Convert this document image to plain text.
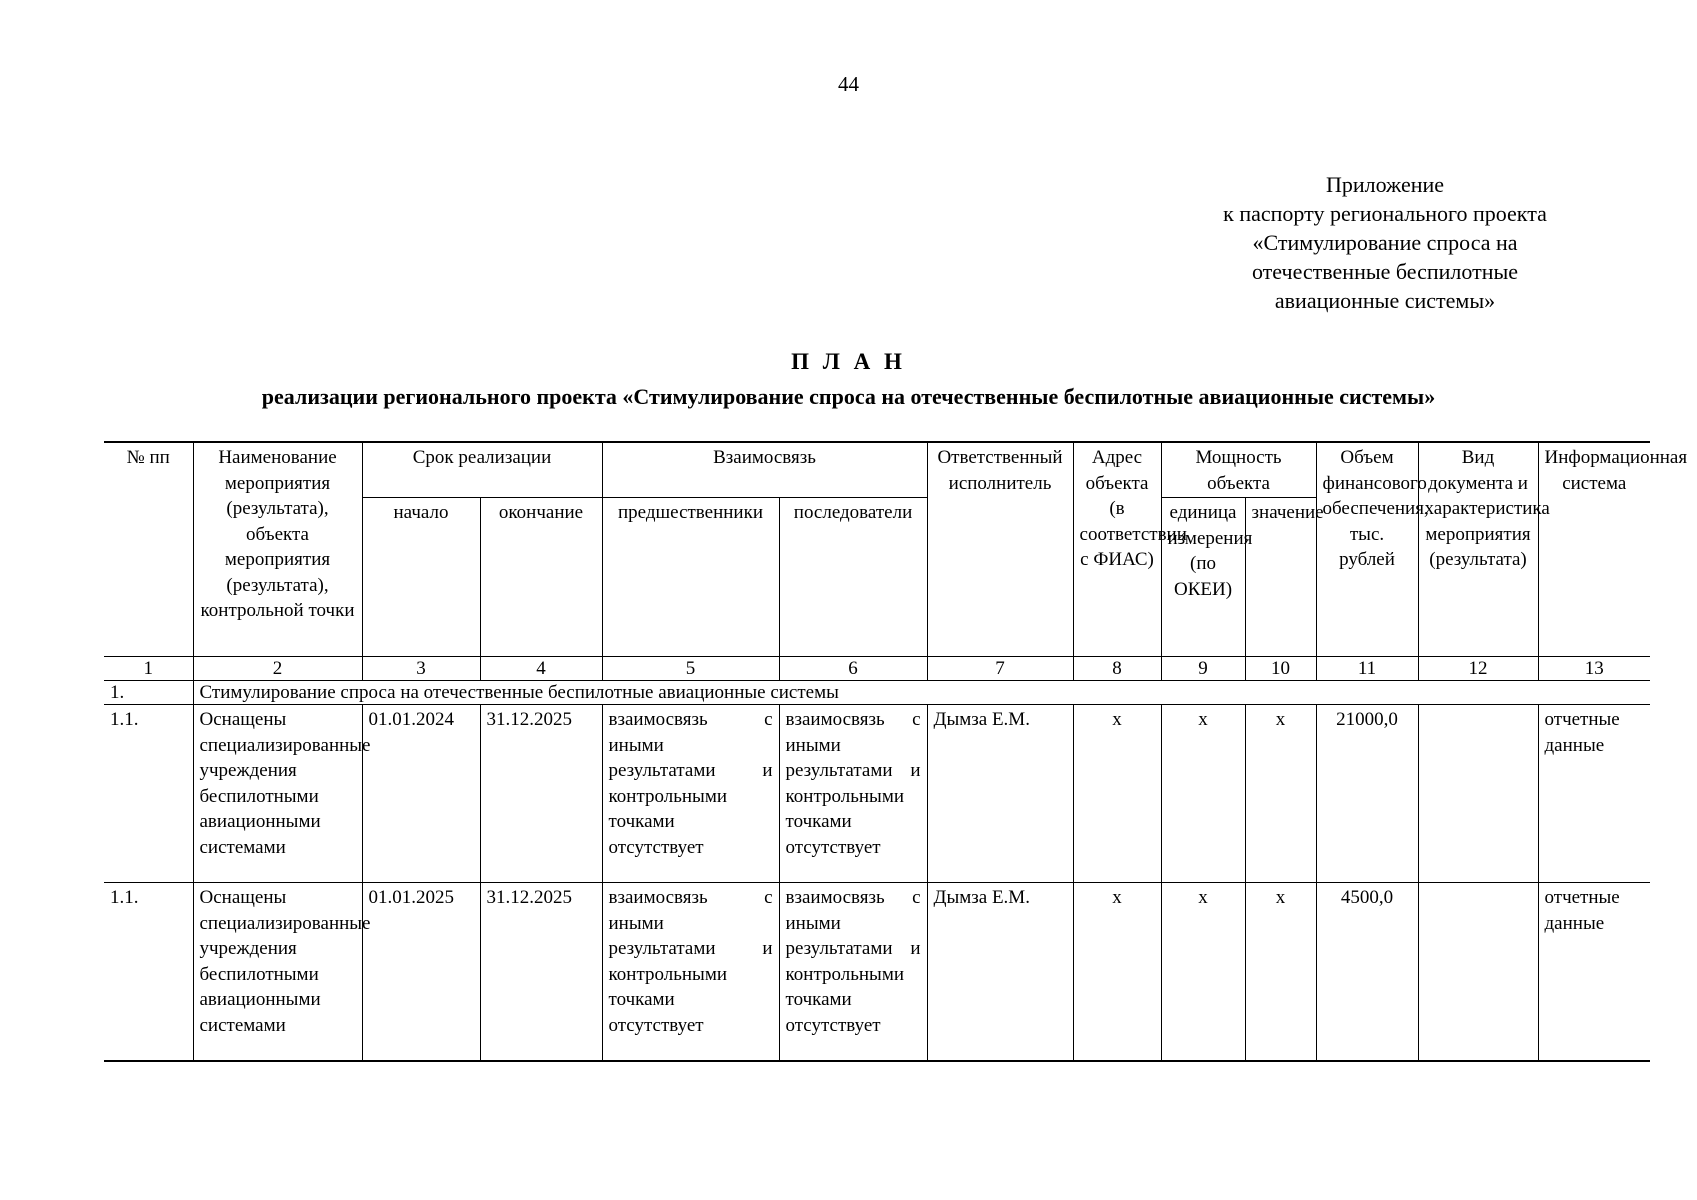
44
Приложение
к паспорту регионального проекта
«Стимулирование спроса на
отечественные беспилотные
авиационные системы»
П Л А Н
реализации регионального проекта «Стимулирование спроса на отечественные беспилотные авиационные системы»
№ пп	Наименование мероприятия (результата), объекта мероприятия (результата), контрольной точки	Срок реализации		Взаимосвязь		Ответственный исполнитель	Адрес объекта (в соответствии с ФИАС)	Мощность объекта		Объем финансового обеспечения, тыс. рублей	Вид документа и характеристика мероприятия (результата)	Информационная система
		начало	окончание	предшественники	последователи			единица измерения (по ОКЕИ)	значение			
1	2	3	4	5	6	7	8	9	10	11	12	13
1.	Стимулирование спроса на отечественные беспилотные авиационные системы											
1.1.	Оснащены специализированные учреждения беспилотными авиационными системами	01.01.2024	31.12.2025	взаимосвязь с иными результатами и контрольными точками отсутствует	взаимосвязь с иными результатами и контрольными точками отсутствует	Дымза Е.М.	х	х	х	21000,0		отчетные данные
1.1.	Оснащены специализированные учреждения беспилотными авиационными системами	01.01.2025	31.12.2025	взаимосвязь с иными результатами и контрольными точками отсутствует	взаимосвязь с иными результатами и контрольными точками отсутствует	Дымза Е.М.	х	х	х	4500,0		отчетные данные
